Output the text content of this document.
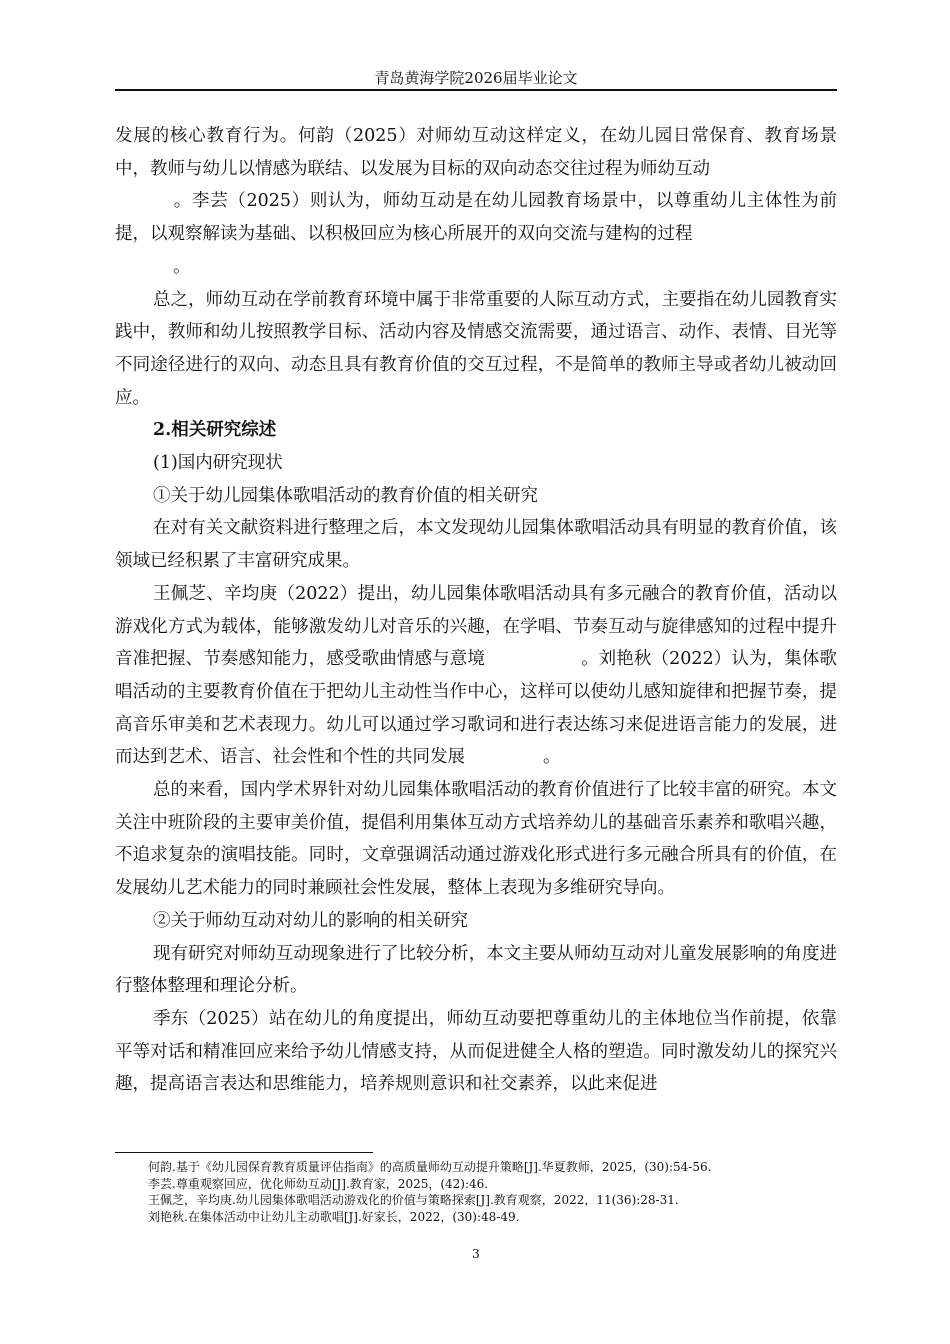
青岛黄海学院2026届毕业论文

发展的核心教育行为。何韵（2025）对师幼互动这样定义，在幼儿园日常保育、教育场景中，教师与幼儿以情感为联结、以发展为目标的双向动态交往过程为师幼互动

。李芸（2025）则认为，师幼互动是在幼儿园教育场景中，以尊重幼儿主体性为前提，以观察解读为基础、以积极回应为核心所展开的双向交流与建构的过程

。

总之，师幼互动在学前教育环境中属于非常重要的人际互动方式，主要指在幼儿园教育实践中，教师和幼儿按照教学目标、活动内容及情感交流需要，通过语言、动作、表情、目光等不同途径进行的双向、动态且具有教育价值的交互过程，不是简单的教师主导或者幼儿被动回应。

2.相关研究综述

(1)国内研究现状

①关于幼儿园集体歌唱活动的教育价值的相关研究

在对有关文献资料进行整理之后，本文发现幼儿园集体歌唱活动具有明显的教育价值，该领域已经积累了丰富研究成果。

王佩芝、辛均庚（2022）提出，幼儿园集体歌唱活动具有多元融合的教育价值，活动以游戏化方式为载体，能够激发幼儿对音乐的兴趣，在学唱、节奏互动与旋律感知的过程中提升音准把握、节奏感知能力，感受歌曲情感与意境	。刘艳秋（2022）认为，集体歌唱活动的主要教育价值在于把幼儿主动性当作中心，这样可以使幼儿感知旋律和把握节奏，提高音乐审美和艺术表现力。幼儿可以通过学习歌词和进行表达练习来促进语言能力的发展，进而达到艺术、语言、社会性和个性的共同发展	。

总的来看，国内学术界针对幼儿园集体歌唱活动的教育价值进行了比较丰富的研究。本文关注中班阶段的主要审美价值，提倡利用集体互动方式培养幼儿的基础音乐素养和歌唱兴趣，不追求复杂的演唱技能。同时，文章强调活动通过游戏化形式进行多元融合所具有的价值，在发展幼儿艺术能力的同时兼顾社会性发展，整体上表现为多维研究导向。

②关于师幼互动对幼儿的影响的相关研究

现有研究对师幼互动现象进行了比较分析，本文主要从师幼互动对儿童发展影响的角度进行整体整理和理论分析。

季东（2025）站在幼儿的角度提出，师幼互动要把尊重幼儿的主体地位当作前提，依靠平等对话和精准回应来给予幼儿情感支持，从而促进健全人格的塑造。同时激发幼儿的探究兴趣，提高语言表达和思维能力，培养规则意识和社交素养，以此来促进

何韵.基于《幼儿园保育教育质量评估指南》的高质量师幼互动提升策略[J].华夏教师，2025，(30):54-56.
李芸.尊重观察回应，优化师幼互动[J].教育家，2025，(42):46.
王佩芝，辛均庚.幼儿园集体歌唱活动游戏化的价值与策略探索[J].教育观察，2022，11(36):28-31.
刘艳秋.在集体活动中让幼儿主动歌唱[J].好家长，2022，(30):48-49.
3
